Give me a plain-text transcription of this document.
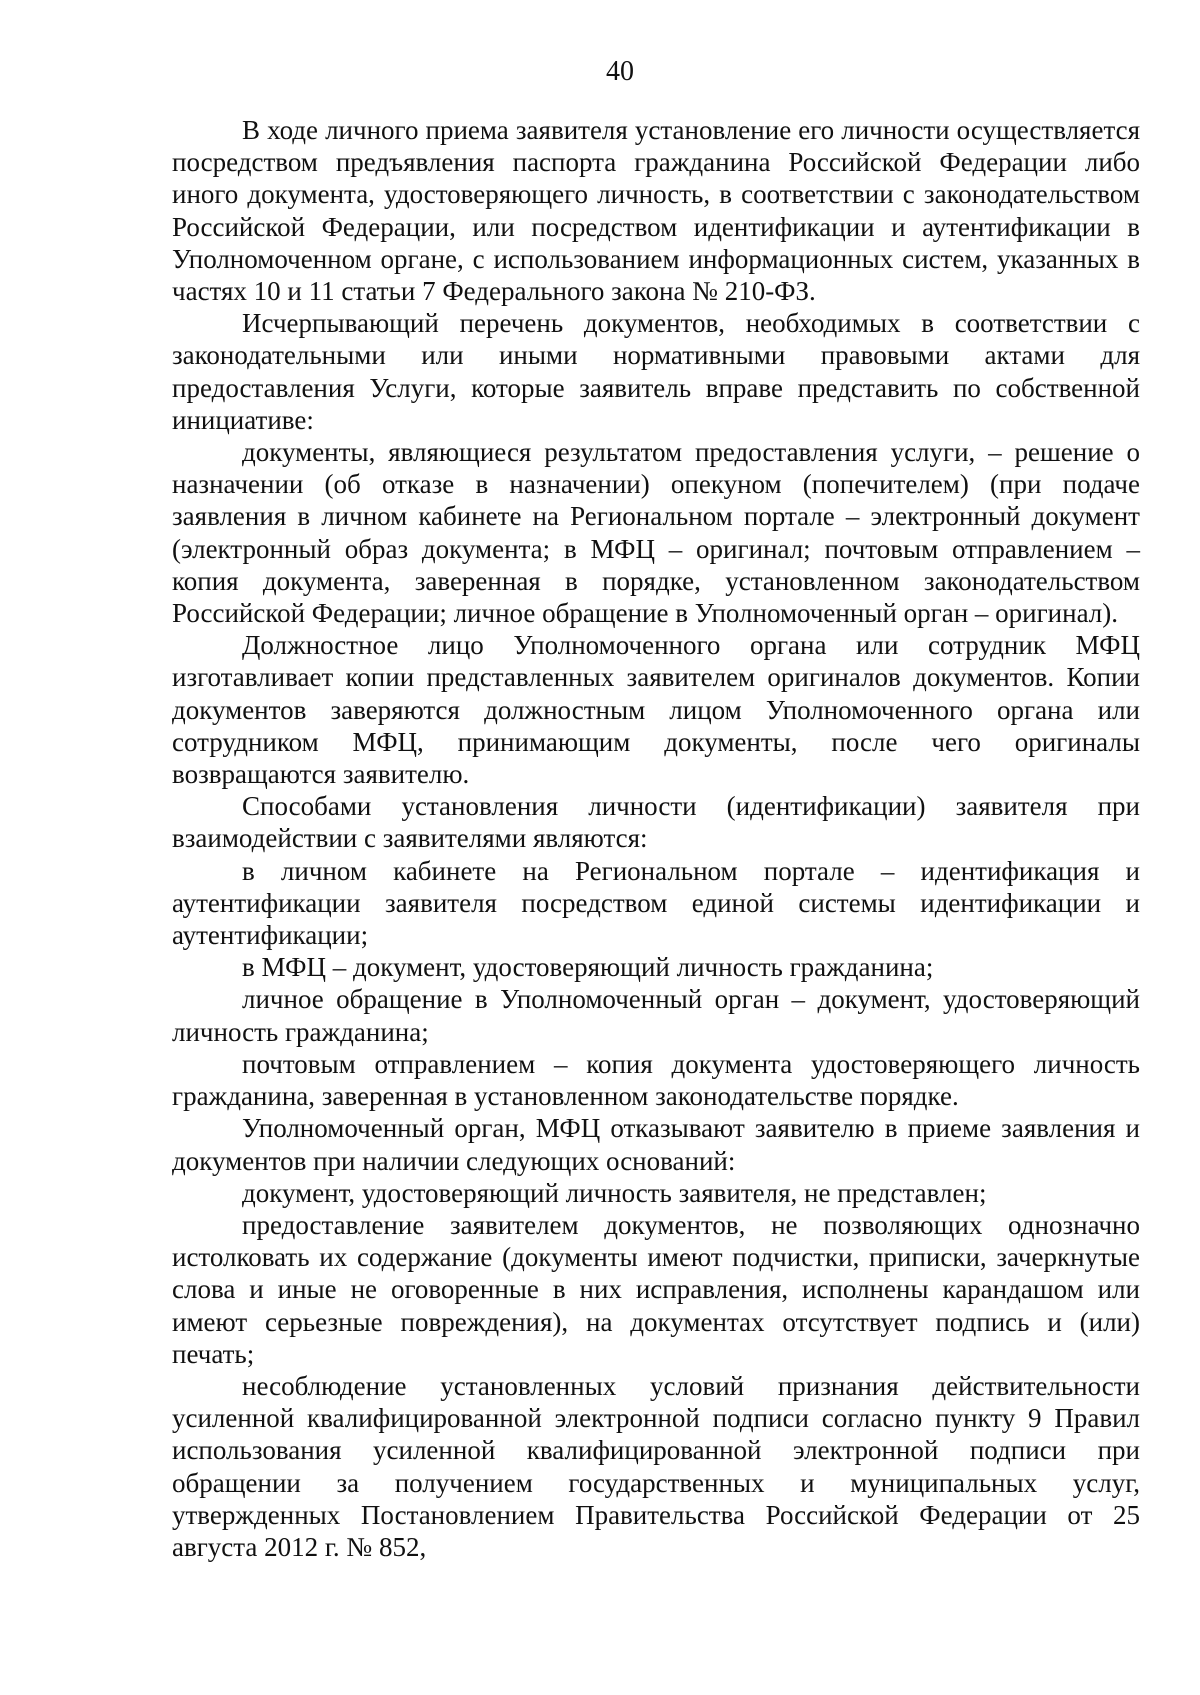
40

В ходе личного приема заявителя установление его личности осуществляется посредством предъявления паспорта гражданина Российской Федерации либо иного документа, удостоверяющего личность, в соответствии с законодательством Российской Федерации, или посредством идентификации и аутентификации в Уполномоченном органе, с использованием информационных систем, указанных в частях 10 и 11 статьи 7 Федерального закона № 210-ФЗ.

Исчерпывающий перечень документов, необходимых в соответствии с законодательными или иными нормативными правовыми актами для предоставления Услуги, которые заявитель вправе представить по собственной инициативе:

документы, являющиеся результатом предоставления услуги, – решение о назначении (об отказе в назначении) опекуном (попечителем) (при подаче заявления в личном кабинете на Региональном портале – электронный документ (электронный образ документа; в МФЦ – оригинал; почтовым отправлением – копия документа, заверенная в порядке, установленном законодательством Российской Федерации; личное обращение в Уполномоченный орган – оригинал).

Должностное лицо Уполномоченного органа или сотрудник МФЦ изготавливает копии представленных заявителем оригиналов документов. Копии документов заверяются должностным лицом Уполномоченного органа или сотрудником МФЦ, принимающим документы, после чего оригиналы возвращаются заявителю.

Способами установления личности (идентификации) заявителя при взаимодействии с заявителями являются:

в личном кабинете на Региональном портале – идентификация и аутентификации заявителя посредством единой системы идентификации и аутентификации;

в МФЦ – документ, удостоверяющий личность гражданина;

личное обращение в Уполномоченный орган – документ, удостоверяющий личность гражданина;

почтовым отправлением – копия документа удостоверяющего личность гражданина, заверенная в установленном законодательстве порядке.

Уполномоченный орган, МФЦ отказывают заявителю в приеме заявления и документов при наличии следующих оснований:

документ, удостоверяющий личность заявителя, не представлен;

предоставление заявителем документов, не позволяющих однозначно истолковать их содержание (документы имеют подчистки, приписки, зачеркнутые слова и иные не оговоренные в них исправления, исполнены карандашом или имеют серьезные повреждения), на документах отсутствует подпись и (или) печать;

несоблюдение установленных условий признания действительности усиленной квалифицированной электронной подписи согласно пункту 9 Правил использования усиленной квалифицированной электронной подписи при обращении за получением государственных и муниципальных услуг, утвержденных Постановлением Правительства Российской Федерации от 25 августа 2012 г. № 852,
